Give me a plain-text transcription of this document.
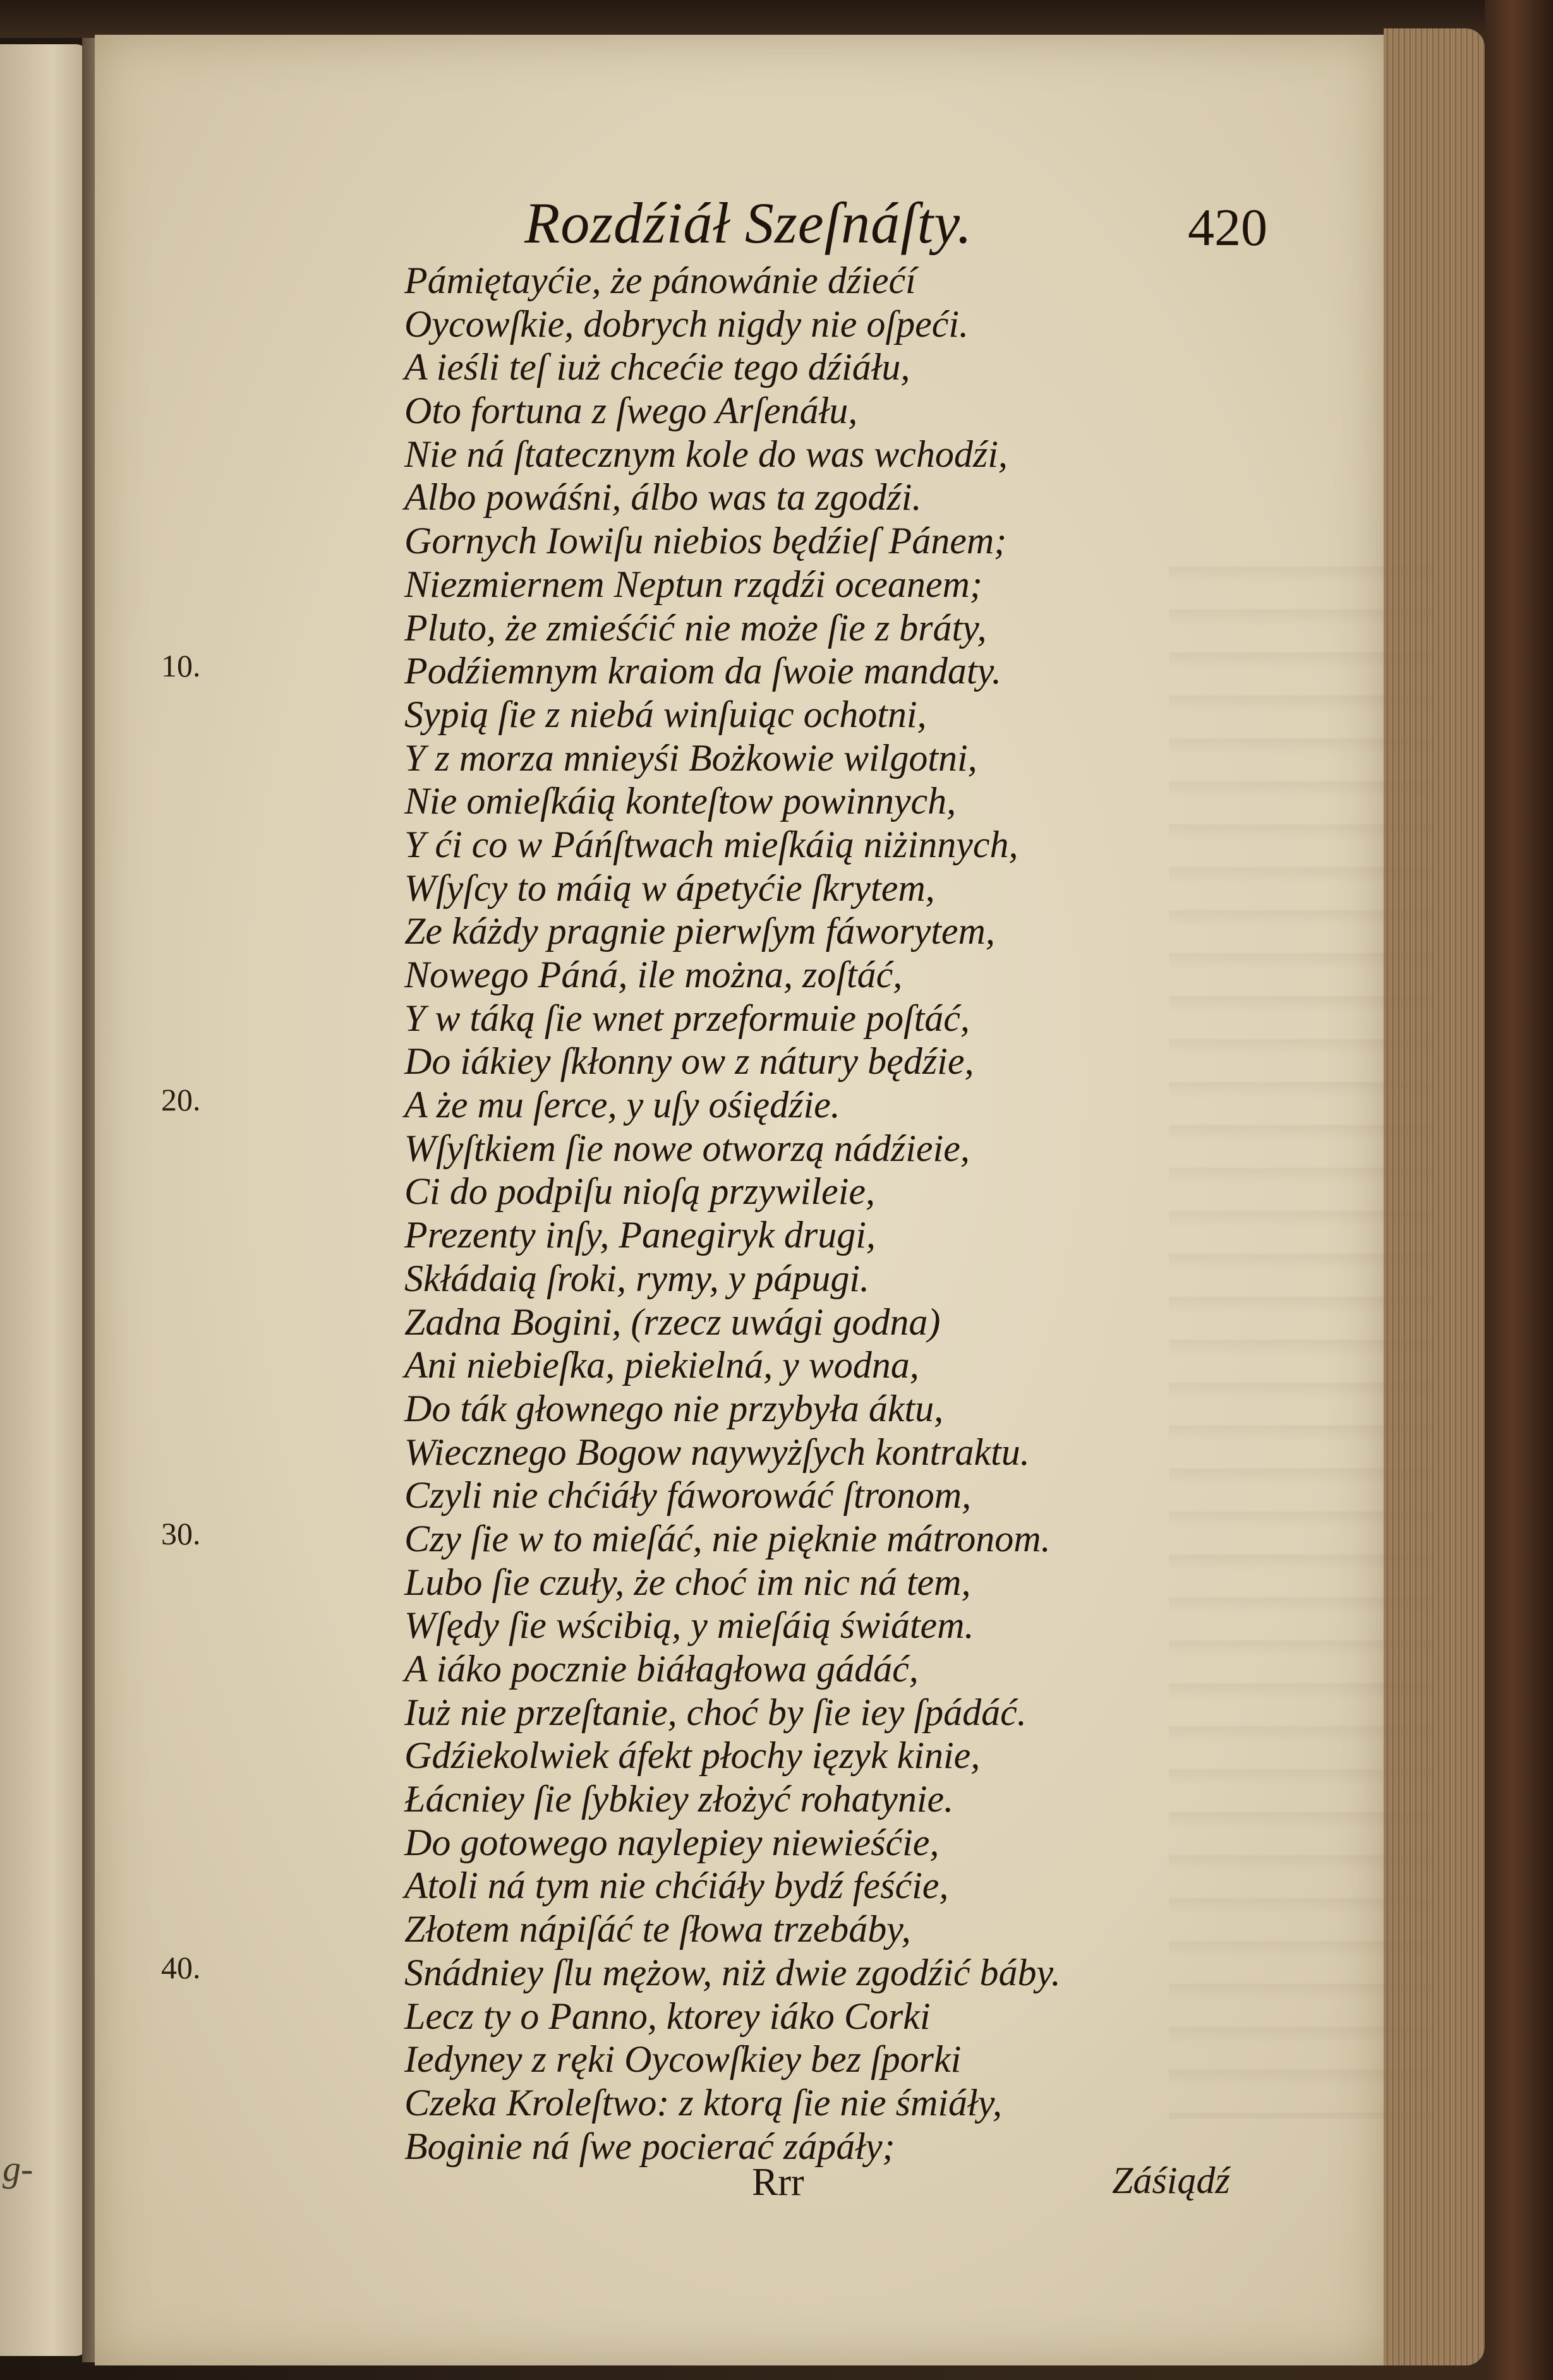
g-
Rozdźiáł Szeſnáſty.	420
10.
20.
30.
40.
Pámiętayćie, że pánowánie dźiećí
Oycowſkie, dobrych nigdy nie oſpeći.
A ieśli teſ iuż chcećie tego dźiáłu,
Oto fortuna z ſwego Arſenáłu,
Nie ná ſtatecznym kole do was wchodźi,
Albo powáśni, álbo was ta zgodźi.
Gornych Iowiſu niebios będźieſ Pánem;
Niezmiernem Neptun rządźi oceanem;
Pluto, że zmieśćić nie może ſie z bráty,
Podźiemnym kraiom da ſwoie mandaty.
Sypią ſie z niebá winſuiąc ochotni,
Y z morza mnieyśi Bożkowie wilgotni,
Nie omieſkáią konteſtow powinnych,
Y ći co w Páńſtwach mieſkáią niżinnych,
Wſyſcy to máią w ápetyćie ſkrytem,
Ze káżdy pragnie pierwſym fáworytem,
Nowego Páná, ile można, zoſtáć,
Y w táką ſie wnet przeformuie poſtáć,
Do iákiey ſkłonny ow z nátury będźie,
A że mu ſerce, y uſy ośiędźie.
Wſyſtkiem ſie nowe otworzą nádźieie,
Ci do podpiſu nioſą przywileie,
Prezenty inſy, Panegiryk drugi,
Skłádaią ſroki, rymy, y pápugi.
Zadna Bogini, (rzecz uwági godna)
Ani niebieſka, piekielná, y wodna,
Do ták głownego nie przybyła áktu,
Wiecznego Bogow naywyżſych kontraktu.
Czyli nie chćiáły fáworowáć ſtronom,
Czy ſie w to mieſáć, nie pięknie mátronom.
Lubo ſie czuły, że choć im nic ná tem,
Wſędy ſie wścibią, y mieſáią świátem.
A iáko pocznie biáłagłowa gádáć,
Iuż nie przeſtanie, choć by ſie iey ſpádáć.
Gdźiekolwiek áfekt płochy ięzyk kinie,
Łácniey ſie ſybkiey złożyć rohatynie.
Do gotowego naylepiey niewieśćie,
Atoli ná tym nie chćiáły bydź feśćie,
Złotem nápiſáć te ſłowa trzebáby,
Snádniey ſlu mężow, niż dwie zgodźić báby.
Lecz ty o Panno, ktorey iáko Corki
Iedyney z ręki Oycowſkiey bez ſporki
Czeka Kroleſtwo: z ktorą ſie nie śmiáły,
Boginie ná ſwe pocierać zápáły;
Rrr	Záśiądź
